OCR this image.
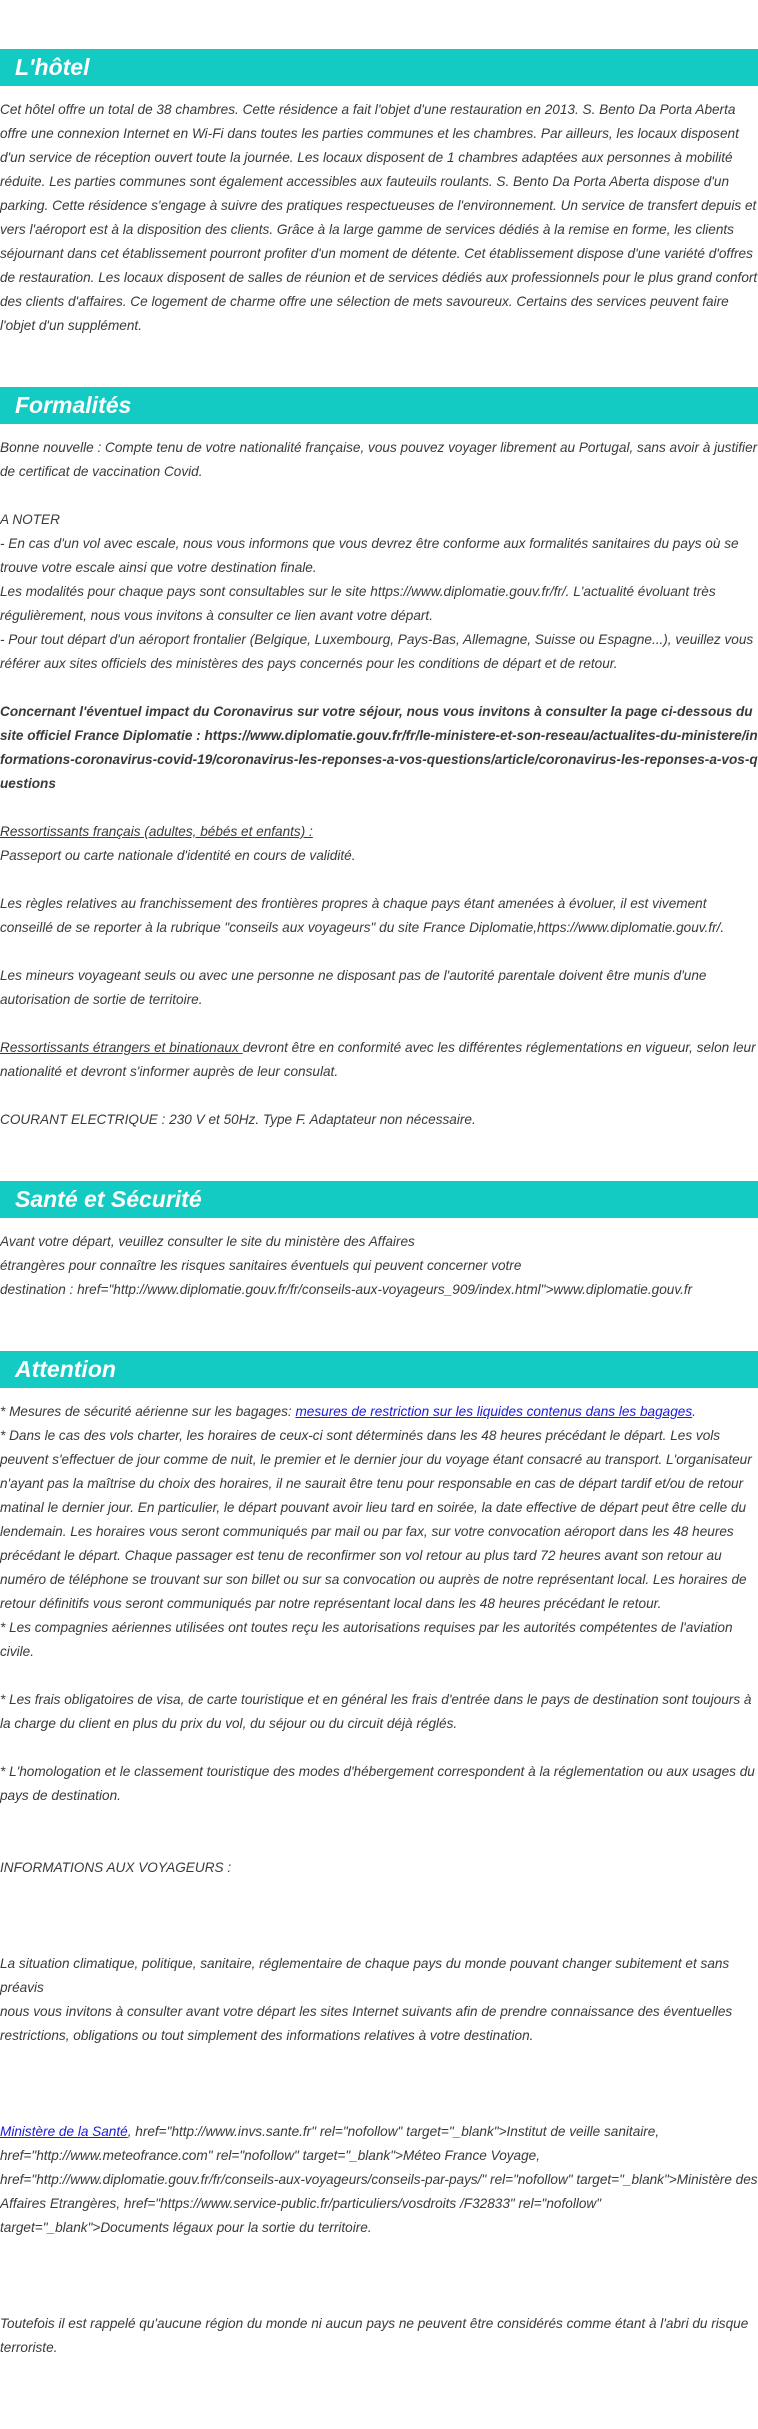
L'hôtel

Cet hôtel offre un total de 38 chambres. Cette résidence a fait l'objet d'une restauration en 2013. S. Bento Da Porta Aberta offre une connexion Internet en Wi-Fi dans toutes les parties communes et les chambres. Par ailleurs, les locaux disposent d'un service de réception ouvert toute la journée. Les locaux disposent de 1 chambres adaptées aux personnes à mobilité réduite. Les parties communes sont également accessibles aux fauteuils roulants. S. Bento Da Porta Aberta dispose d'un parking. Cette résidence s'engage à suivre des pratiques respectueuses de l'environnement. Un service de transfert depuis et vers l'aéroport est à la disposition des clients. Grâce à la large gamme de services dédiés à la remise en forme, les clients séjournant dans cet établissement pourront profiter d'un moment de détente. Cet établissement dispose d'une variété d'offres de restauration. Les locaux disposent de salles de réunion et de services dédiés aux professionnels pour le plus grand confort des clients d'affaires. Ce logement de charme offre une sélection de mets savoureux. Certains des services peuvent faire l'objet d'un supplément.

Formalités

Bonne nouvelle : Compte tenu de votre nationalité française, vous pouvez voyager librement au Portugal, sans avoir à justifier de certificat de vaccination Covid.

A NOTER

- En cas d'un vol avec escale, nous vous informons que vous devrez être conforme aux formalités sanitaires du pays où se trouve votre escale ainsi que votre destination finale.

Les modalités pour chaque pays sont consultables sur le site https://www.diplomatie.gouv.fr/fr/. L'actualité évoluant très régulièrement, nous vous invitons à consulter ce lien avant votre départ.

- Pour tout départ d'un aéroport frontalier (Belgique, Luxembourg, Pays-Bas, Allemagne, Suisse ou Espagne...), veuillez vous référer aux sites officiels des ministères des pays concernés pour les conditions de départ et de retour.

Concernant l'éventuel impact du Coronavirus sur votre séjour, nous vous invitons à consulter la page ci-dessous du site officiel France Diplomatie : https://www.diplomatie.gouv.fr/fr/le-ministere-et-son-reseau/actualites-du-ministere/informations-coronavirus-covid-19/coronavirus-les-reponses-a-vos-questions/article/coronavirus-les-reponses-a-vos-questions

Ressortissants français (adultes, bébés et enfants) :

Passeport ou carte nationale d'identité en cours de validité.

Les règles relatives au franchissement des frontières propres à chaque pays étant amenées à évoluer, il est vivement conseillé de se reporter à la rubrique "conseils aux voyageurs" du site France Diplomatie,https://www.diplomatie.gouv.fr/.

Les mineurs voyageant seuls ou avec une personne ne disposant pas de l'autorité parentale doivent être munis d'une autorisation de sortie de territoire.

Ressortissants étrangers et binationaux devront être en conformité avec les différentes réglementations en vigueur, selon leur nationalité et devront s'informer auprès de leur consulat.

COURANT ELECTRIQUE : 230 V et 50Hz. Type F. Adaptateur non nécessaire.

Santé et Sécurité

Avant votre départ, veuillez consulter le site du ministère des Affaires

étrangères pour connaître les risques sanitaires éventuels qui peuvent concerner votre

destination : href="http://www.diplomatie.gouv.fr/fr/conseils-aux-voyageurs_909/index.html">www.diplomatie.gouv.fr

Attention

* Mesures de sécurité aérienne sur les bagages: mesures de restriction sur les liquides contenus dans les bagages.

* Dans le cas des vols charter, les horaires de ceux-ci sont déterminés dans les 48 heures précédant le départ. Les vols peuvent s'effectuer de jour comme de nuit, le premier et le dernier jour du voyage étant consacré au transport. L'organisateur n'ayant pas la maîtrise du choix des horaires, il ne saurait être tenu pour responsable en cas de départ tardif et/ou de retour matinal le dernier jour. En particulier, le départ pouvant avoir lieu tard en soirée, la date effective de départ peut être celle du lendemain. Les horaires vous seront communiqués par mail ou par fax, sur votre convocation aéroport dans les 48 heures précédant le départ. Chaque passager est tenu de reconfirmer son vol retour au plus tard 72 heures avant son retour au numéro de téléphone se trouvant sur son billet ou sur sa convocation ou auprès de notre représentant local. Les horaires de retour définitifs vous seront communiqués par notre représentant local dans les 48 heures précédant le retour.

* Les compagnies aériennes utilisées ont toutes reçu les autorisations requises par les autorités compétentes de l'aviation civile.

* Les frais obligatoires de visa, de carte touristique et en général les frais d'entrée dans le pays de destination sont toujours à la charge du client en plus du prix du vol, du séjour ou du circuit déjà réglés.

* L'homologation et le classement touristique des modes d'hébergement correspondent à la réglementation ou aux usages du pays de destination.

INFORMATIONS AUX VOYAGEURS :

La situation climatique, politique, sanitaire, réglementaire de chaque pays du monde pouvant changer subitement et sans préavis

nous vous invitons à consulter avant votre départ les sites Internet suivants afin de prendre connaissance des éventuelles restrictions, obligations ou tout simplement des informations relatives à votre destination.

Ministère de la Santé, href="http://www.invs.sante.fr" rel="nofollow" target="_blank">Institut de veille sanitaire, href="http://www.meteofrance.com" rel="nofollow" target="_blank">Méteo France Voyage, href="http://www.diplomatie.gouv.fr/fr/conseils-aux-voyageurs/conseils-par-pays/" rel="nofollow" target="_blank">Ministère des Affaires Etrangères, href="https://www.service-public.fr/particuliers/vosdroits /F32833" rel="nofollow" target="_blank">Documents légaux pour la sortie du territoire.

Toutefois il est rappelé qu'aucune région du monde ni aucun pays ne peuvent être considérés comme étant à l'abri du risque terroriste.
